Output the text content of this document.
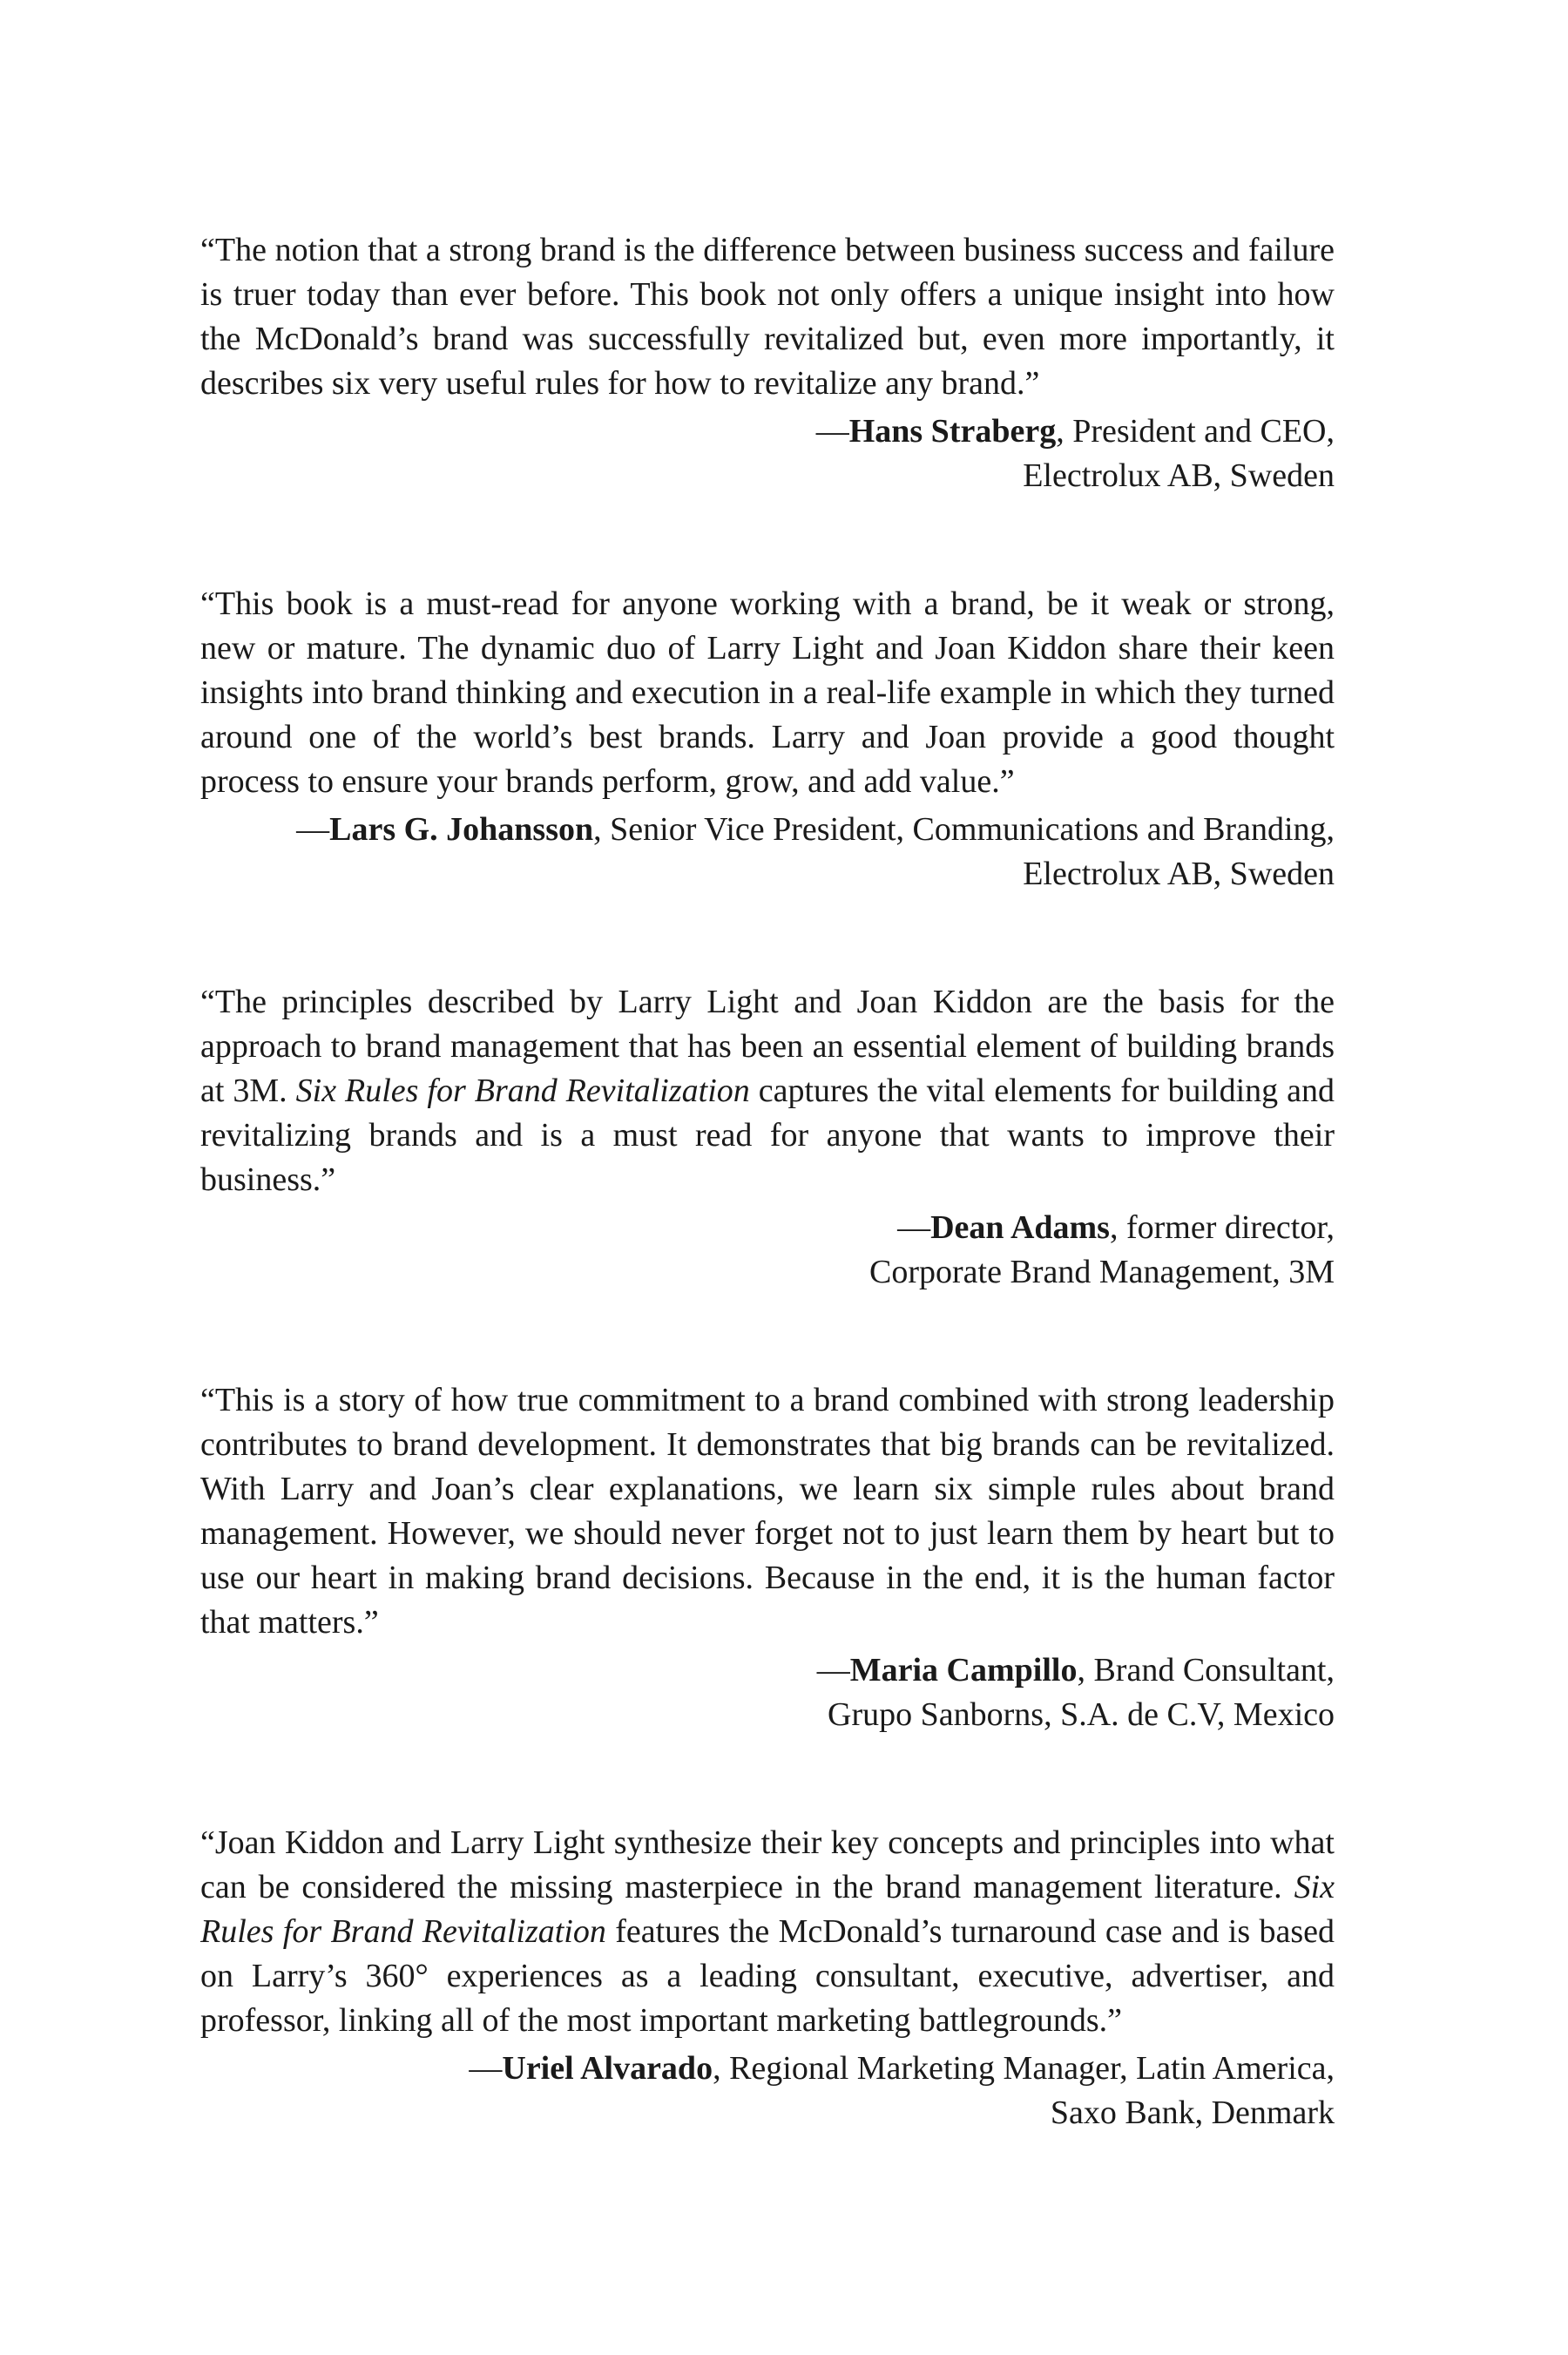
“The notion that a strong brand is the difference between business success and failure is truer today than ever before. This book not only offers a unique insight into how the McDonald’s brand was successfully revitalized but, even more importantly, it describes six very useful rules for how to revitalize any brand.”

—Hans Straberg, President and CEO,
Electrolux AB, Sweden

“This book is a must-read for anyone working with a brand, be it weak or strong, new or mature. The dynamic duo of Larry Light and Joan Kiddon share their keen insights into brand thinking and execution in a real-life example in which they turned around one of the world’s best brands. Larry and Joan provide a good thought process to ensure your brands perform, grow, and add value.”

—Lars G. Johansson, Senior Vice President, Communications and Branding,
Electrolux AB, Sweden

“The principles described by Larry Light and Joan Kiddon are the basis for the approach to brand management that has been an essential element of building brands at 3M. Six Rules for Brand Revitalization captures the vital elements for building and revitalizing brands and is a must read for anyone that wants to improve their business.”

—Dean Adams, former director,
Corporate Brand Management, 3M

“This is a story of how true commitment to a brand combined with strong leadership contributes to brand development. It demonstrates that big brands can be revitalized. With Larry and Joan’s clear explanations, we learn six simple rules about brand management. However, we should never forget not to just learn them by heart but to use our heart in making brand decisions. Because in the end, it is the human factor that matters.”

—Maria Campillo, Brand Consultant,
Grupo Sanborns, S.A. de C.V, Mexico

“Joan Kiddon and Larry Light synthesize their key concepts and principles into what can be considered the missing masterpiece in the brand management literature. Six Rules for Brand Revitalization features the McDonald’s turnaround case and is based on Larry’s 360° experiences as a leading consultant, executive, advertiser, and professor, linking all of the most important marketing battlegrounds.”

—Uriel Alvarado, Regional Marketing Manager, Latin America,
Saxo Bank, Denmark
